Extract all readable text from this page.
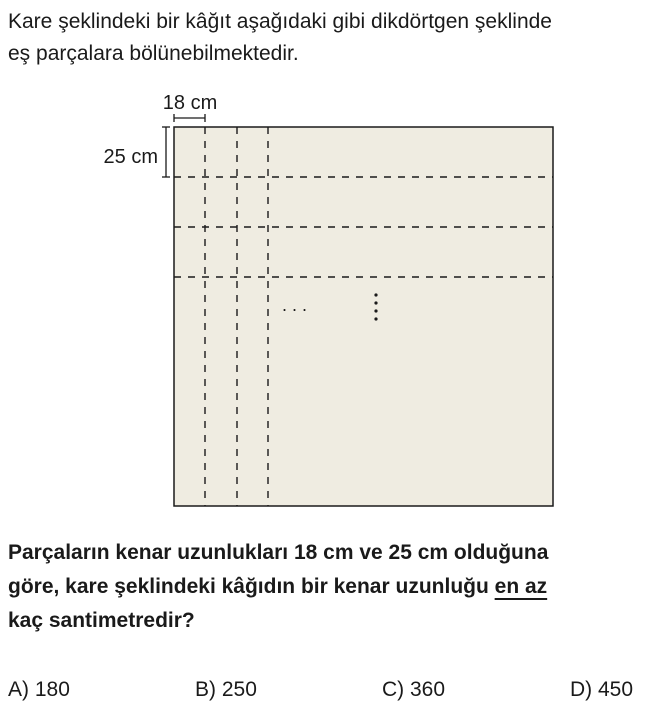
Kare şeklindeki bir kâğıt aşağıdaki gibi dikdörtgen şeklinde
eş parçalara bölünebilmektedir.
18 cm
25 cm
. . .
Parçaların kenar uzunlukları 18 cm ve 25 cm olduğuna
göre, kare şeklindeki kâğıdın bir kenar uzunluğu en az
kaç santimetredir?
A) 180	B) 250	C) 360	D) 450
